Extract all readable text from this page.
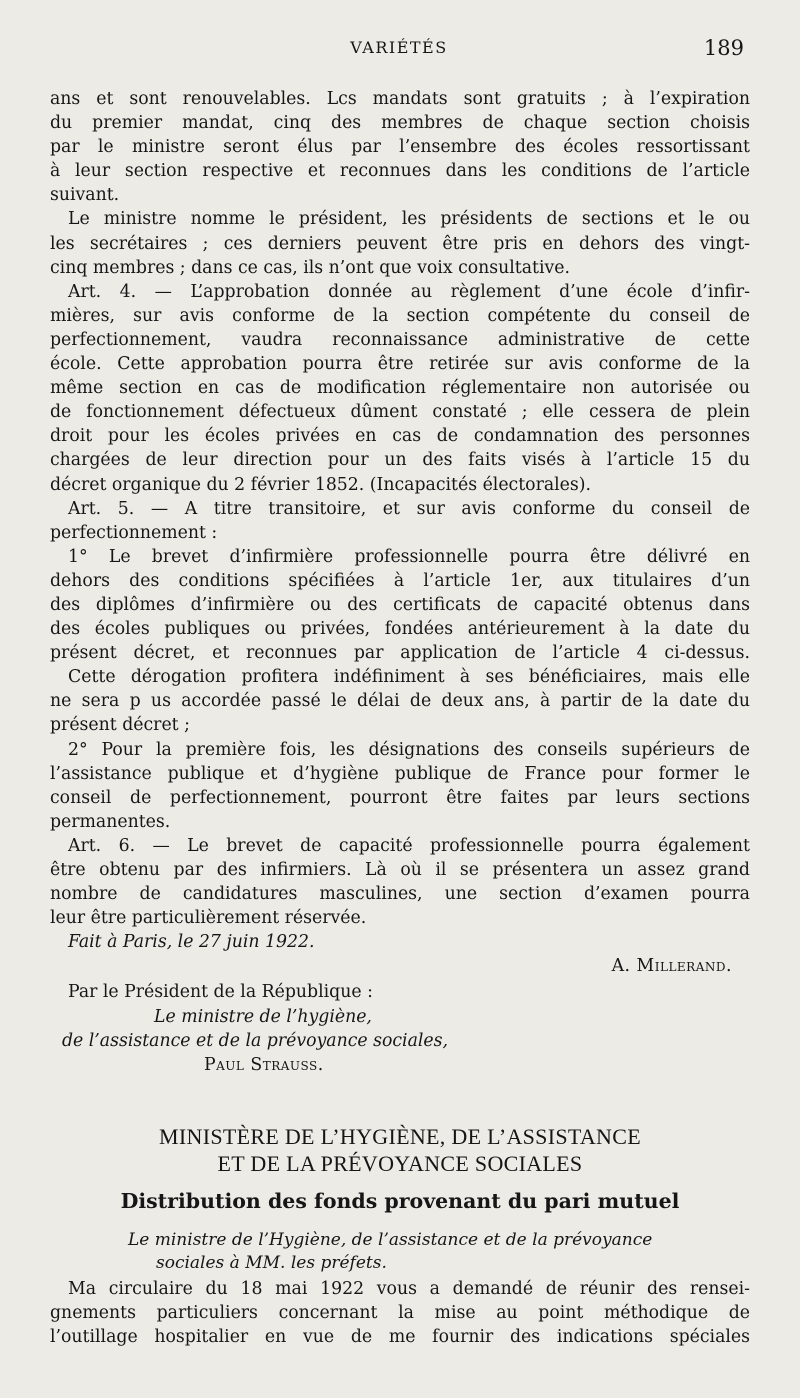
VARIÉTÉS	189
ans et sont renouvelables. Lcs mandats sont gratuits ; à l’expiration
du premier mandat, cinq des membres de chaque section choisis
par le ministre seront élus par l’ensembre des écoles ressortissant
à leur section respective et reconnues dans les conditions de l’article
suivant.
Le ministre nomme le président, les présidents de sections et le ou
les secrétaires ; ces derniers peuvent être pris en dehors des vingt-
cinq membres ; dans ce cas, ils n’ont que voix consultative.
Art. 4. — L’approbation donnée au règlement d’une école d’infir-
mières, sur avis conforme de la section compétente du conseil de
perfectionnement, vaudra reconnaissance administrative de cette
école. Cette approbation pourra être retirée sur avis conforme de la
même section en cas de modification réglementaire non autorisée ou
de fonctionnement défectueux dûment constaté ; elle cessera de plein
droit pour les écoles privées en cas de condamnation des personnes
chargées de leur direction pour un des faits visés à l’article 15 du
décret organique du 2 février 1852. (Incapacités électorales).
Art. 5. — A titre transitoire, et sur avis conforme du conseil de
perfectionnement :
1° Le brevet d’infirmière professionnelle pourra être délivré en
dehors des conditions spécifiées à l’article 1er, aux titulaires d’un
des diplômes d’infirmière ou des certificats de capacité obtenus dans
des écoles publiques ou privées, fondées antérieurement à la date du
présent décret, et reconnues par application de l’article 4 ci-dessus.
Cette dérogation profitera indéfiniment à ses bénéficiaires, mais elle
ne sera p us accordée passé le délai de deux ans, à partir de la date du
présent décret ;
2° Pour la première fois, les désignations des conseils supérieurs de
l’assistance publique et d’hygiène publique de France pour former le
conseil de perfectionnement, pourront être faites par leurs sections
permanentes.
Art. 6. — Le brevet de capacité professionnelle pourra également
être obtenu par des infirmiers. Là où il se présentera un assez grand
nombre de candidatures masculines, une section d’examen pourra
leur être particulièrement réservée.
Fait à Paris, le 27 juin 1922.
A. Millerand.
Par le Président de la République :
Le ministre de l’hygiène,
de l’assistance et de la prévoyance sociales,
Paul Strauss.
MINISTÈRE DE L’HYGIÈNE, DE L’ASSISTANCE
ET DE LA PRÉVOYANCE SOCIALES
Distribution des fonds provenant du pari mutuel
Le ministre de l’Hygiène, de l’assistance et de la prévoyance
sociales à MM. les préfets.
Ma circulaire du 18 mai 1922 vous a demandé de réunir des rensei-
gnements particuliers concernant la mise au point méthodique de
l’outillage hospitalier en vue de me fournir des indications spéciales
